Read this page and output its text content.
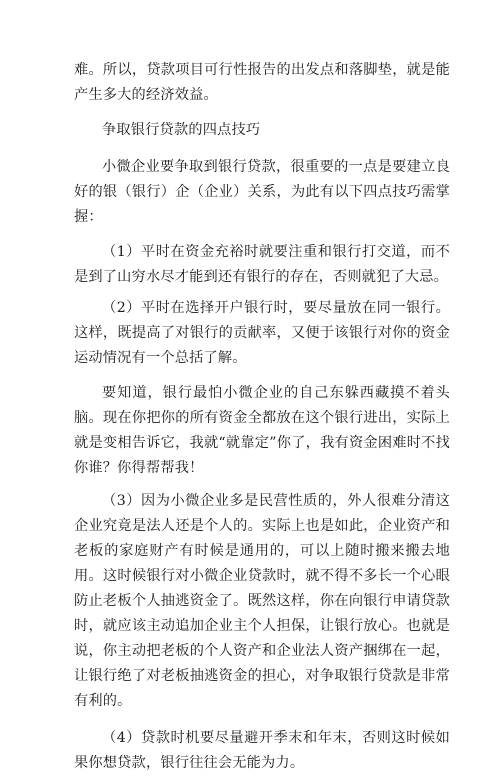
难。所以，贷款项目可行性报告的出发点和落脚垫，就是能产生多大的经济效益。

争取银行贷款的四点技巧

小微企业要争取到银行贷款，很重要的一点是要建立良好的银（银行）企（企业）关系，为此有以下四点技巧需掌握：

（1）平时在资金充裕时就要注重和银行打交道，而不是到了山穷水尽才能到还有银行的存在，否则就犯了大忌。

（2）平时在选择开户银行时，要尽量放在同一银行。这样，既提高了对银行的贡献率，又便于该银行对你的资金运动情况有一个总括了解。

要知道，银行最怕小微企业的自己东躲西藏摸不着头脑。现在你把你的所有资金全都放在这个银行进出，实际上就是变相告诉它，我就“就靠定”你了，我有资金困难时不找你谁？你得帮帮我！

（3）因为小微企业多是民营性质的，外人很难分清这企业究竟是法人还是个人的。实际上也是如此，企业资产和老板的家庭财产有时候是通用的，可以上随时搬来搬去地用。这时候银行对小微企业贷款时，就不得不多长一个心眼防止老板个人抽逃资金了。既然这样，你在向银行申请贷款时，就应该主动追加企业主个人担保，让银行放心。也就是说，你主动把老板的个人资产和企业法人资产捆绑在一起，让银行绝了对老板抽逃资金的担心，对争取银行贷款是非常有利的。

（4）贷款时机要尽量避开季末和年末，否则这时候如果你想贷款，银行往往会无能为力。
